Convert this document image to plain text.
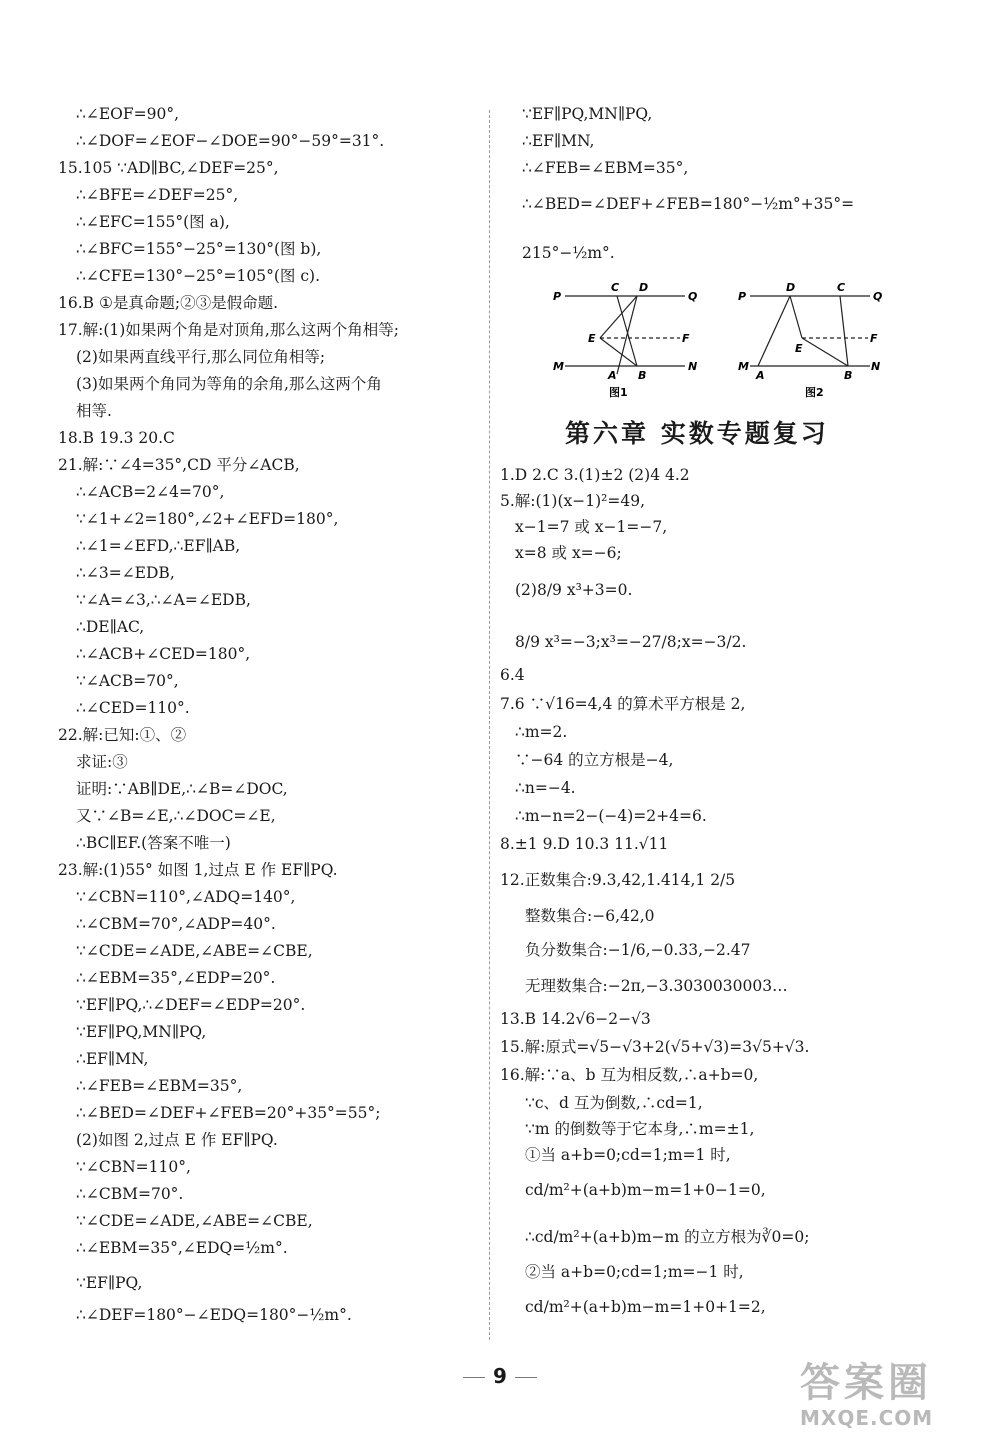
∴∠EOF=90°,
∴∠DOF=∠EOF−∠DOE=90°−59°=31°.
15.105 ∵AD∥BC,∠DEF=25°,
∴∠BFE=∠DEF=25°,
∴∠EFC=155°(图 a),
∴∠BFC=155°−25°=130°(图 b),
∴∠CFE=130°−25°=105°(图 c).
16.B ①是真命题;②③是假命题.
17.解:(1)如果两个角是对顶角,那么这两个角相等;
(2)如果两直线平行,那么同位角相等;
(3)如果两个角同为等角的余角,那么这两个角
相等.
18.B 19.3 20.C
21.解:∵∠4=35°,CD 平分∠ACB,
∴∠ACB=2∠4=70°,
∵∠1+∠2=180°,∠2+∠EFD=180°,
∴∠1=∠EFD,∴EF∥AB,
∴∠3=∠EDB,
∵∠A=∠3,∴∠A=∠EDB,
∴DE∥AC,
∴∠ACB+∠CED=180°,
∵∠ACB=70°,
∴∠CED=110°.
22.解:已知:①、②
求证:③
证明:∵AB∥DE,∴∠B=∠DOC,
又∵∠B=∠E,∴∠DOC=∠E,
∴BC∥EF.(答案不唯一)
23.解:(1)55° 如图 1,过点 E 作 EF∥PQ.
∵∠CBN=110°,∠ADQ=140°,
∴∠CBM=70°,∠ADP=40°.
∵∠CDE=∠ADE,∠ABE=∠CBE,
∴∠EBM=35°,∠EDP=20°.
∵EF∥PQ,∴∠DEF=∠EDP=20°.
∵EF∥PQ,MN∥PQ,
∴EF∥MN,
∴∠FEB=∠EBM=35°,
∴∠BED=∠DEF+∠FEB=20°+35°=55°;
(2)如图 2,过点 E 作 EF∥PQ.
∵∠CBN=110°,
∴∠CBM=70°.
∵∠CDE=∠ADE,∠ABE=∠CBE,
∴∠EBM=35°,∠EDQ=½m°.
∵EF∥PQ,
∴∠DEF=180°−∠EDQ=180°−½m°.
∵EF∥PQ,MN∥PQ,
∴EF∥MN,
∴∠FEB=∠EBM=35°,
∴∠BED=∠DEF+∠FEB=180°−½m°+35°=
215°−½m°.
1.D 2.C 3.(1)±2 (2)4 4.2
5.解:(1)(x−1)²=49,
x−1=7 或 x−1=−7,
x=8 或 x=−6;
(2)8/9 x³+3=0.
8/9 x³=−3;x³=−27/8;x=−3/2.
6.4
7.6 ∵√16=4,4 的算术平方根是 2,
∴m=2.
∵−64 的立方根是−4,
∴n=−4.
∴m−n=2−(−4)=2+4=6.
8.±1 9.D 10.3 11.√11
12.正数集合:9.3,42,1.414,1 2/5
整数集合:−6,42,0
负分数集合:−1/6,−0.33,−2.47
无理数集合:−2π,−3.3030030003…
13.B 14.2√6−2−√3
15.解:原式=√5−√3+2(√5+√3)=3√5+√3.
16.解:∵a、b 互为相反数,∴a+b=0,
∵c、d 互为倒数,∴cd=1,
∵m 的倒数等于它本身,∴m=±1,
①当 a+b=0;cd=1;m=1 时,
cd/m²+(a+b)m−m=1+0−1=0,
∴cd/m²+(a+b)m−m 的立方根为∛0=0;
②当 a+b=0;cd=1;m=−1 时,
cd/m²+(a+b)m−m=1+0+1=2,
P
C D
Q
E	F
M
A B
N
图1
P
D	C
Q
E
F
M
A	B
N
图2
第六章 实数专题复习
9	答案圈
MXQE.COM
